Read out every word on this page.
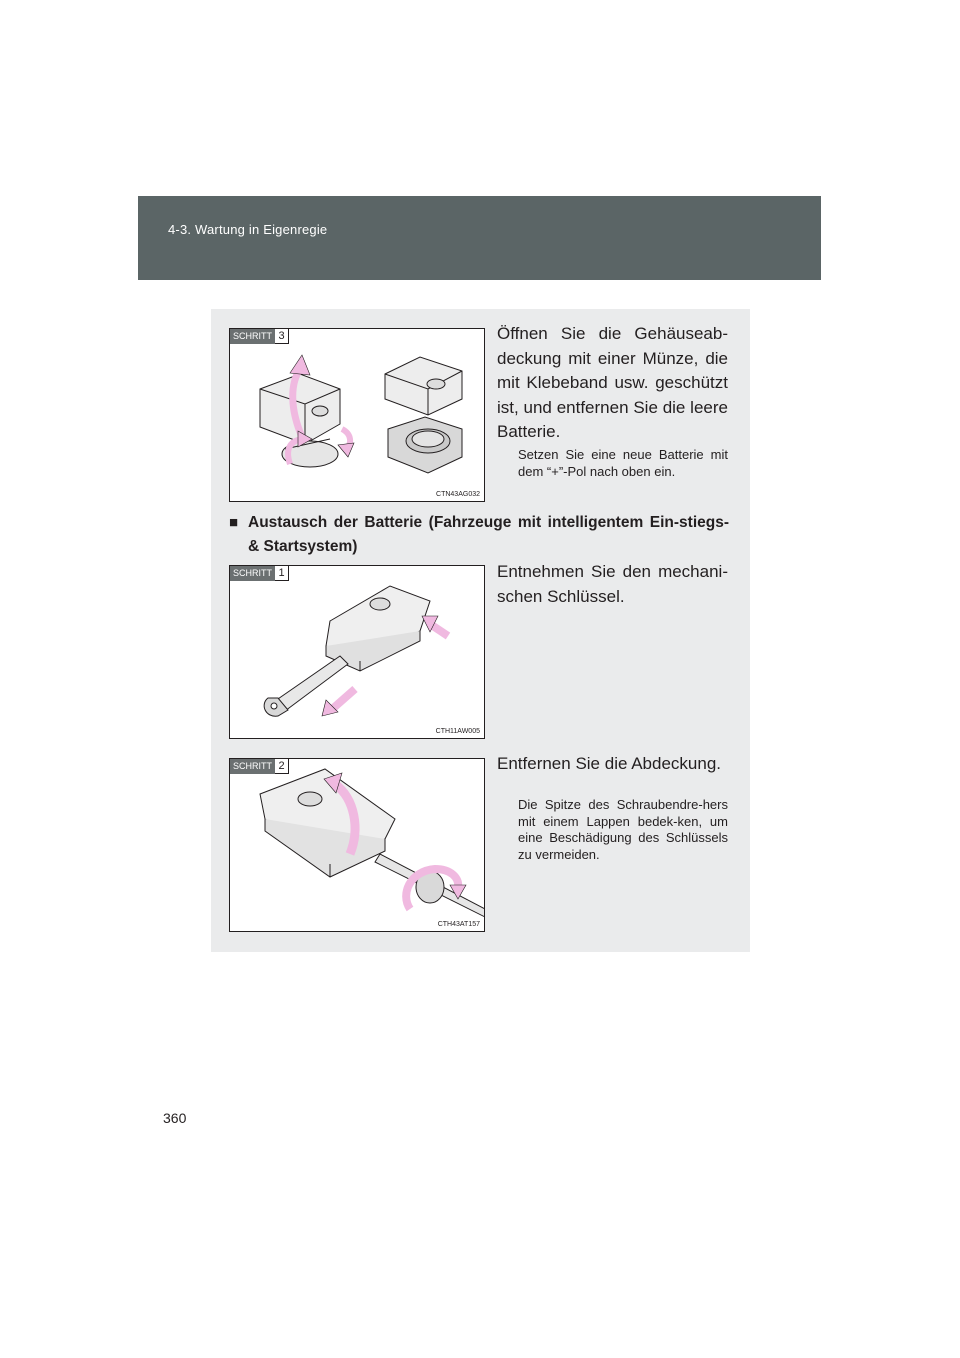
4-3. Wartung in Eigenregie
SCHRITT 3
CTN43AG032
Öffnen Sie die Gehäuseab-deckung mit einer Münze, die mit Klebeband usw. geschützt ist, und entfernen Sie die leere Batterie.
Setzen Sie eine neue Batterie mit dem “+”-Pol nach oben ein.
■ Austausch der Batterie (Fahrzeuge mit intelligentem Ein-stiegs- & Startsystem)
SCHRITT 1
CTH11AW005
Entnehmen Sie den mechani-schen Schlüssel.
SCHRITT 2
CTH43AT157
Entfernen Sie die Abdeckung.
Die Spitze des Schraubendre-hers mit einem Lappen bedek-ken, um eine Beschädigung des Schlüssels zu vermeiden.
360
